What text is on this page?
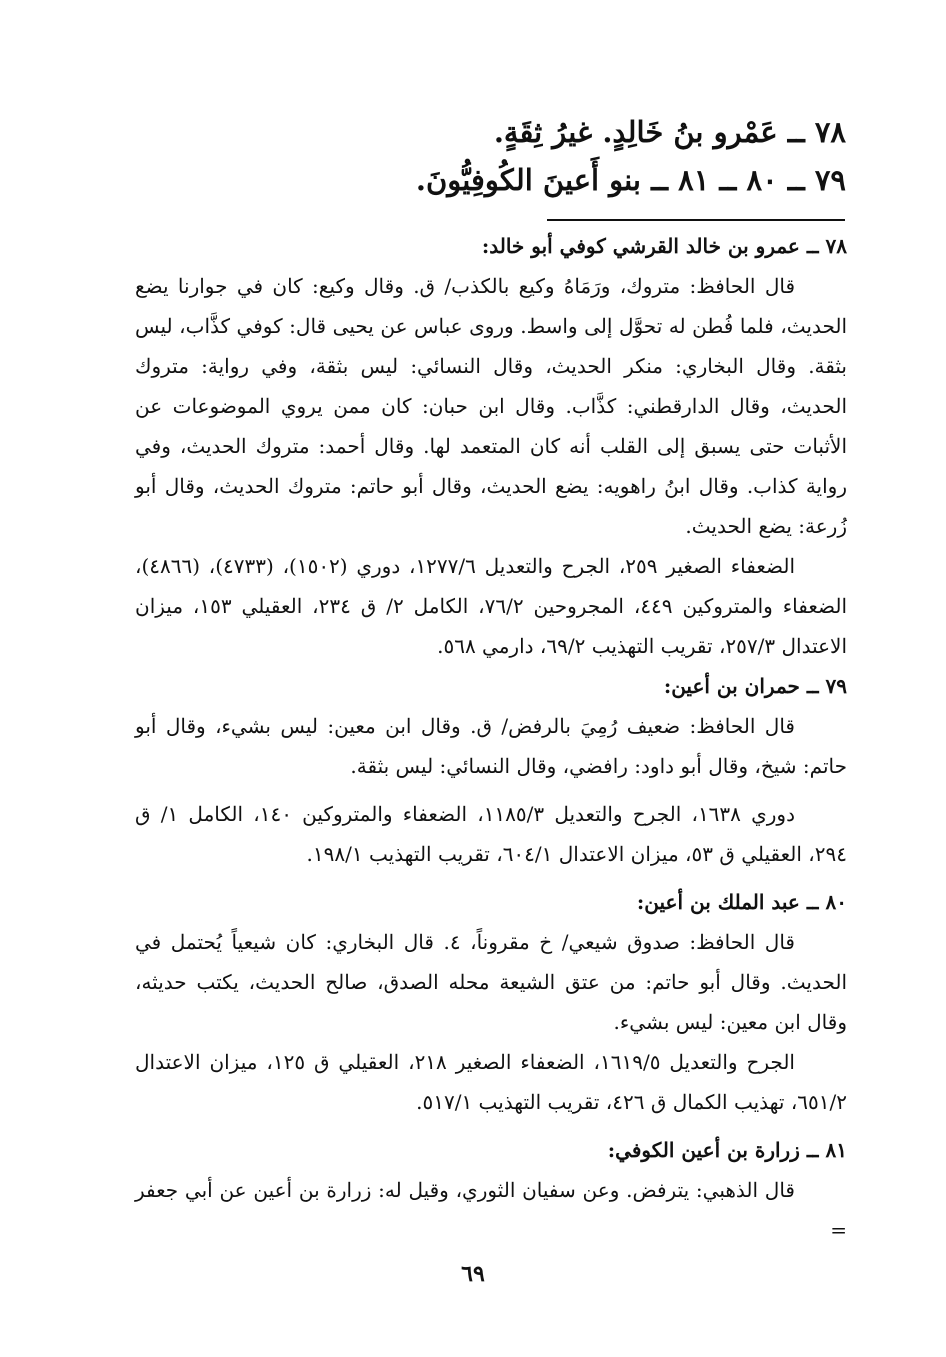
٧٨ ــ عَمْرو بنُ خَالِدٍ. غيرُ ثِقَةٍ.
٧٩ ــ ٨٠ ــ ٨١ ــ بنو أَعينَ الكُوفِيُّونَ.

٧٨ ــ عمرو بن خالد القرشي كوفي أبو خالد:

قال الحافظ: متروك، ورَمَاهُ وكيع بالكذب/ ق. وقال وكيع: كان في جوارنا يضع الحديث، فلما فُطن له تحوَّل إلى واسط. وروى عباس عن يحيى قال: كوفي كذَّاب، ليس بثقة. وقال البخاري: منكر الحديث، وقال النسائي: ليس بثقة، وفي رواية: متروك الحديث، وقال الدارقطني: كذَّاب. وقال ابن حبان: كان ممن يروي الموضوعات عن الأثبات حتى يسبق إلى القلب أنه كان المتعمد لها. وقال أحمد: متروك الحديث، وفي رواية كذاب. وقال ابنُ راهويه: يضع الحديث، وقال أبو حاتم: متروك الحديث، وقال أبو زُرعة: يضع الحديث.

الضعفاء الصغير ٢٥٩، الجرح والتعديل ١٢٧٧/٦، دوري (١٥٠٢)، (٤٧٣٣)، (٤٨٦٦)، الضعفاء والمتروكين ٤٤٩، المجروحين ٧٦/٢، الكامل ٢/ ق ٢٣٤، العقيلي ١٥٣، ميزان الاعتدال ٢٥٧/٣، تقريب التهذيب ٦٩/٢، دارمي ٥٦٨.

٧٩ ــ حمران بن أعين:

قال الحافظ: ضعيف رُمِيَ بالرفض/ ق. وقال ابن معين: ليس بشيء، وقال أبو حاتم: شيخ، وقال أبو داود: رافضي، وقال النسائي: ليس بثقة.

دوري ١٦٣٨، الجرح والتعديل ١١٨٥/٣، الضعفاء والمتروكين ١٤٠، الكامل ١/ ق ٢٩٤، العقيلي ق ٥٣، ميزان الاعتدال ٦٠٤/١، تقريب التهذيب ١٩٨/١.

٨٠ ــ عبد الملك بن أعين:

قال الحافظ: صدوق شيعي/ خ مقروناً، ٤. قال البخاري: كان شيعياً يُحتمل في الحديث. وقال أبو حاتم: من عتق الشيعة محله الصدق، صالح الحديث، يكتب حديثه، وقال ابن معين: ليس بشيء.

الجرح والتعديل ١٦١٩/٥، الضعفاء الصغير ٢١٨، العقيلي ق ١٢٥، ميزان الاعتدال ٦٥١/٢، تهذيب الكمال ق ٤٢٦، تقريب التهذيب ٥١٧/١.

٨١ ــ زرارة بن أعين الكوفي:

قال الذهبي: يترفض. وعن سفيان الثوري، وقيل له: زرارة بن أعين عن أبي جعفر =

٦٩
